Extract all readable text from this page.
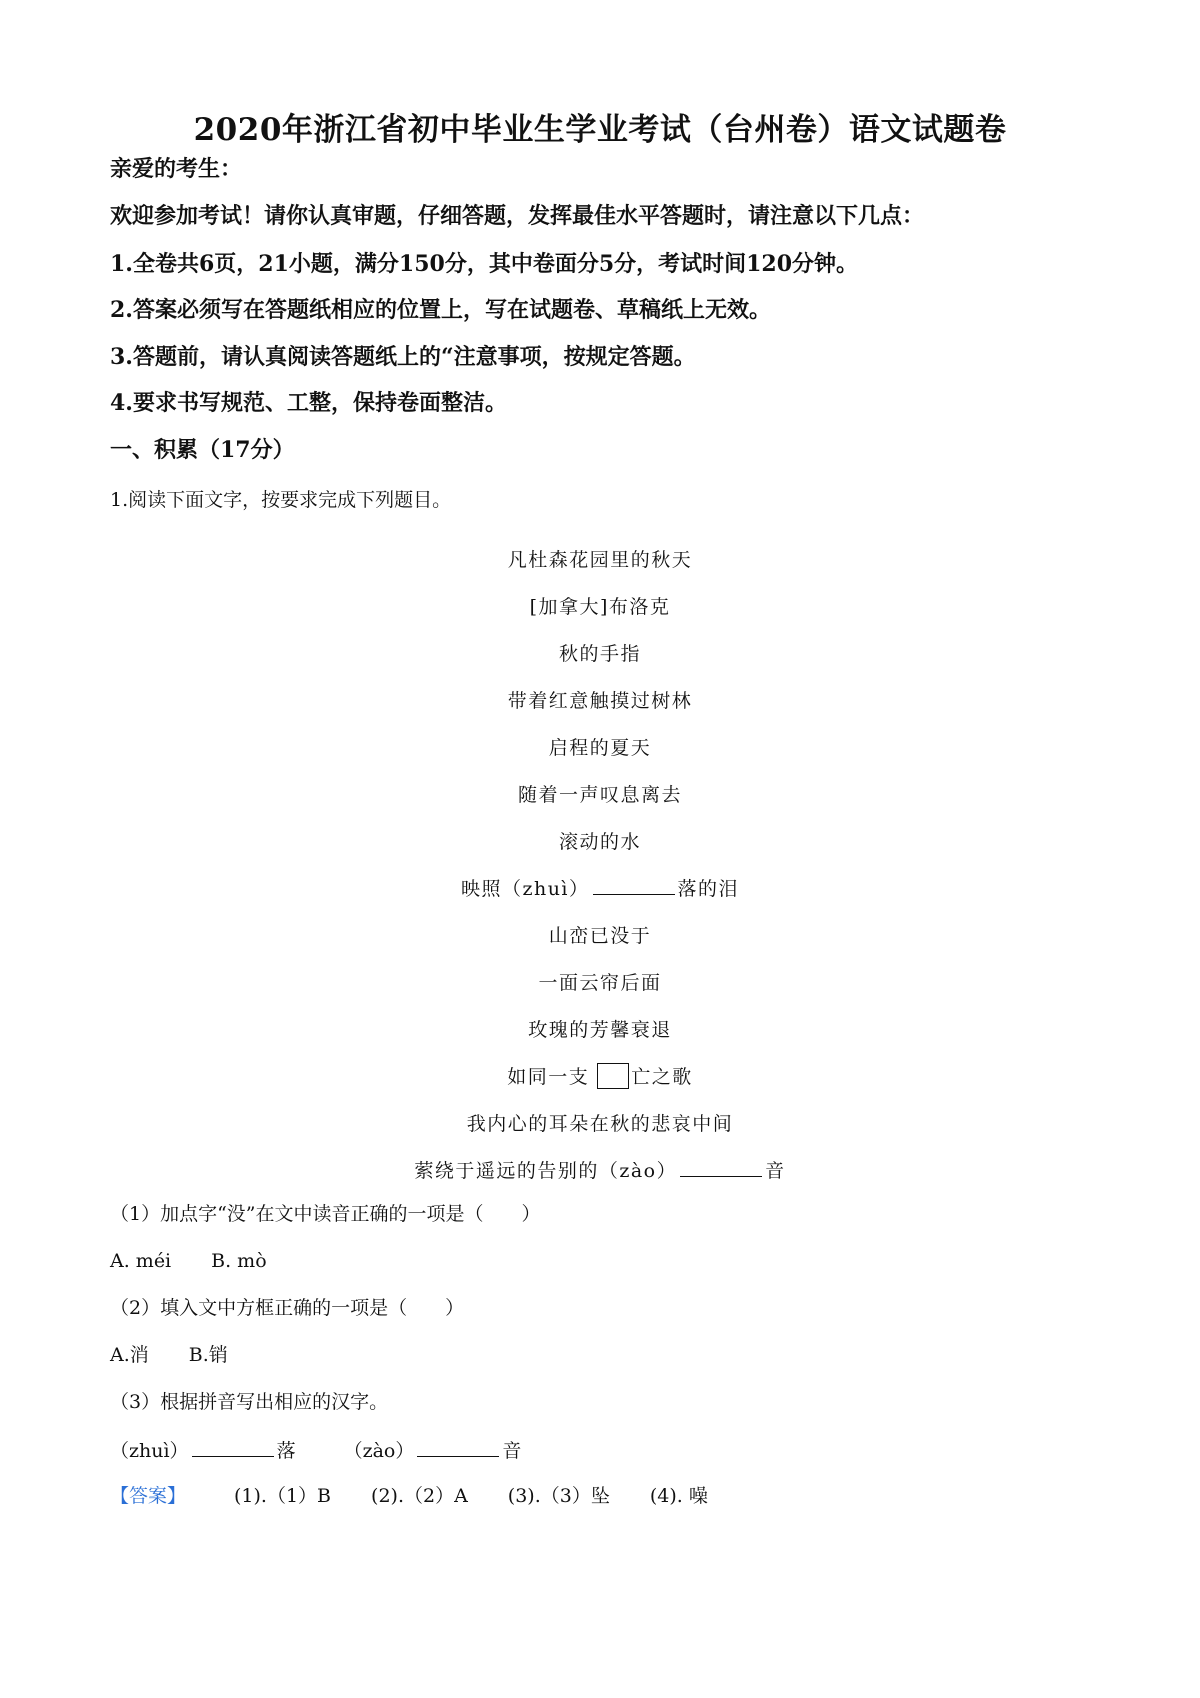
2020年浙江省初中毕业生学业考试（台州卷）语文试题卷
亲爱的考生：
欢迎参加考试！请你认真审题，仔细答题，发挥最佳水平答题时，请注意以下几点：
1.全卷共6页，21小题，满分150分，其中卷面分5分，考试时间120分钟。
2.答案必须写在答题纸相应的位置上，写在试题卷、草稿纸上无效。
3.答题前，请认真阅读答题纸上的“注意事项，按规定答题。
4.要求书写规范、工整，保持卷面整洁。
一、积累（17分）
1.阅读下面文字，按要求完成下列题目。
凡杜森花园里的秋天
[加拿大]布洛克
秋的手指
带着红意触摸过树林
启程的夏天
随着一声叹息离去
滚动的水
映照（zhuì）	落的泪
山峦已没于
一面云帘后面
玫瑰的芳馨衰退
如同一支 亡之歌
我内心的耳朵在秋的悲哀中间
萦绕于遥远的告别的（zào）	音
（1）加点字“没”在文中读音正确的一项是（　　）
A. méi B. mò
（2）填入文中方框正确的一项是（　　）
A.消 B.销
（3）根据拼音写出相应的汉字。
（zhuì）	落	（zào）	音
【答案】	(1).（1）B (2).（2）A (3).（3）坠 (4). 噪
